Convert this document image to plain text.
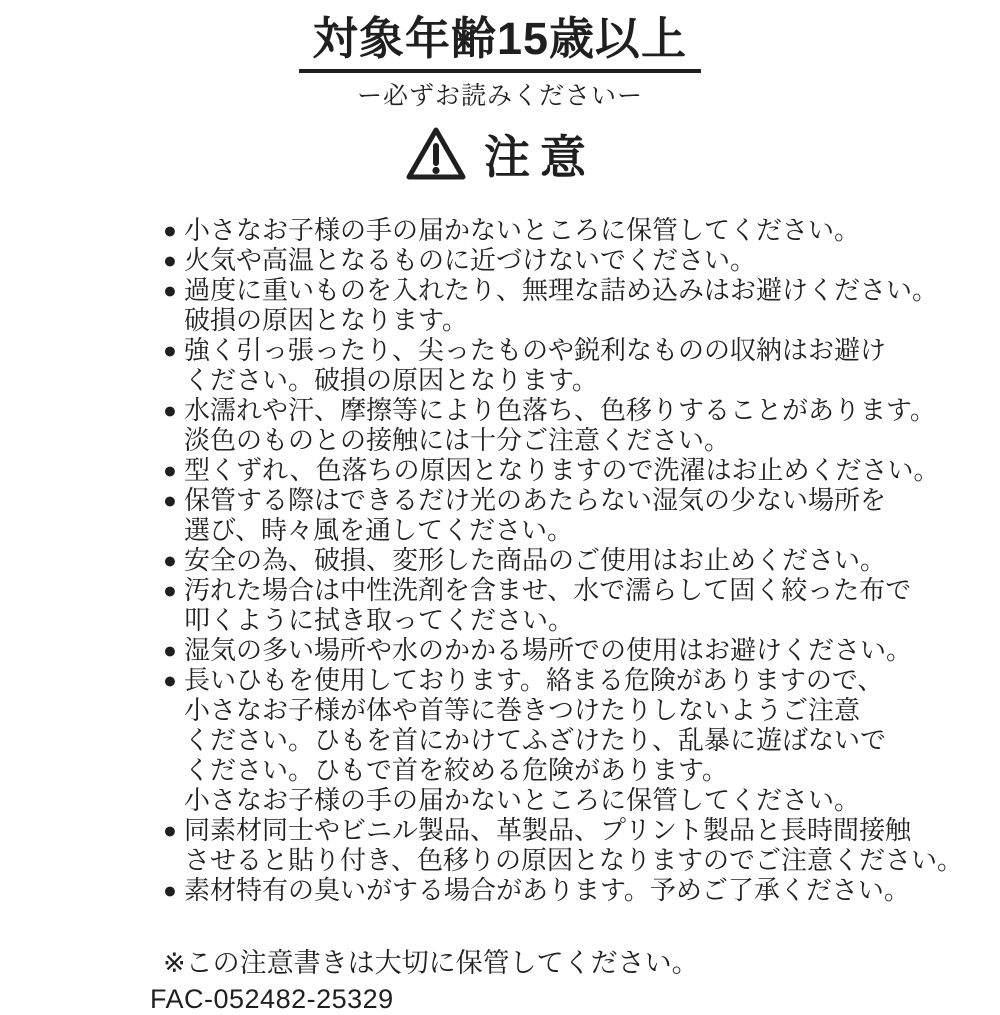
対象年齢15歳以上
ー必ずお読みくださいー
注意
● 小さなお子様の手の届かないところに保管してください。
● 火気や高温となるものに近づけないでください。
● 過度に重いものを入れたり、無理な詰め込みはお避けください。
破損の原因となります。
● 強く引っ張ったり、尖ったものや鋭利なものの収納はお避け
ください。破損の原因となります。
● 水濡れや汗、摩擦等により色落ち、色移りすることがあります。
淡色のものとの接触には十分ご注意ください。
● 型くずれ、色落ちの原因となりますので洗濯はお止めください。
● 保管する際はできるだけ光のあたらない湿気の少ない場所を
選び、時々風を通してください。
● 安全の為、破損、変形した商品のご使用はお止めください。
● 汚れた場合は中性洗剤を含ませ、水で濡らして固く絞った布で
叩くように拭き取ってください。
● 湿気の多い場所や水のかかる場所での使用はお避けください。
● 長いひもを使用しております。絡まる危険がありますので、
小さなお子様が体や首等に巻きつけたりしないようご注意
ください。ひもを首にかけてふざけたり、乱暴に遊ばないで
ください。ひもで首を絞める危険があります。
小さなお子様の手の届かないところに保管してください。
● 同素材同士やビニル製品、革製品、プリント製品と長時間接触
させると貼り付き、色移りの原因となりますのでご注意ください。
● 素材特有の臭いがする場合があります。予めご了承ください。
※この注意書きは大切に保管してください。
FAC-052482-25329
